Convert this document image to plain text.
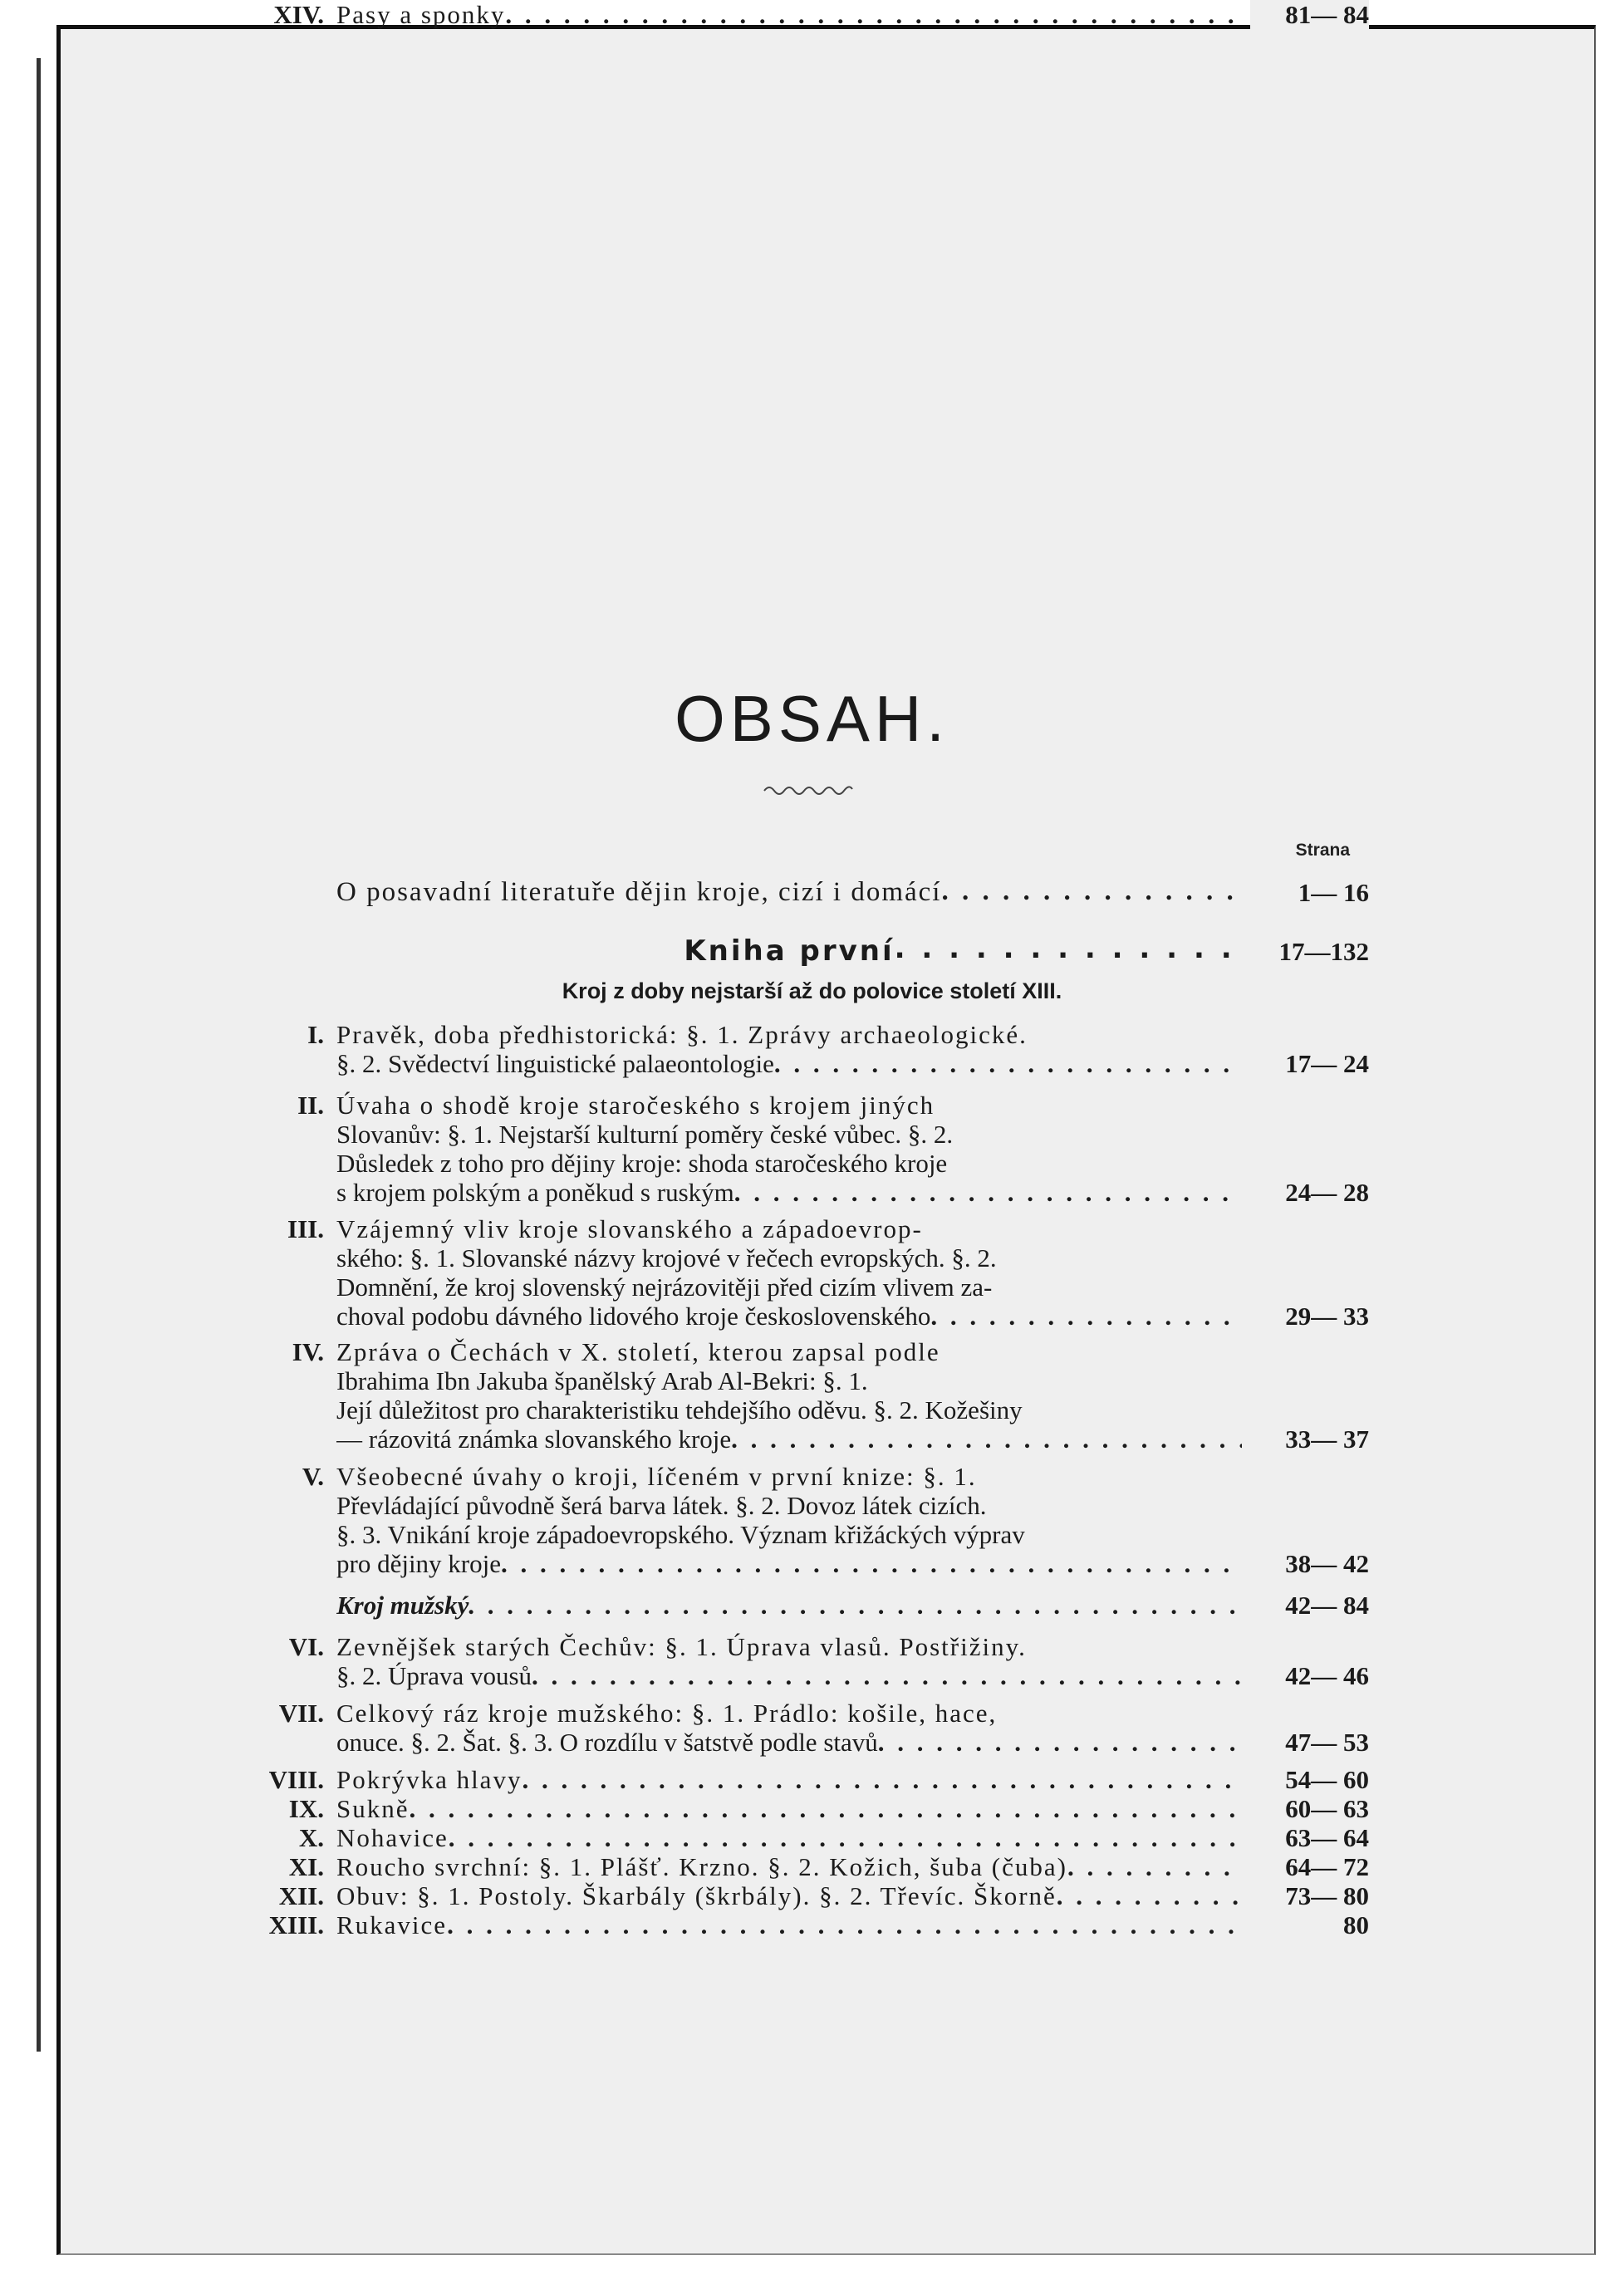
OBSAH.
Strana
O posavadní literatuře dějin kroje, cizí i domácí . . .	1— 16
Kniha první . . .	17—132
Kroj z doby nejstarší až do polovice století XIII.
I. Pravěk, doba předhistorická: §. 1. Zprávy archaeologické.
§. 2. Svědectví linguistické palaeontologie . . .	17— 24
II. Úvaha o shodě kroje staročeského s krojem jiných
Slovanův: §. 1. Nejstarší kulturní poměry české vůbec. §. 2.
Důsledek z toho pro dějiny kroje: shoda staročeského kroje
s krojem polským a poněkud s ruským . . .	24— 28
III. Vzájemný vliv kroje slovanského a západoevrop-
ského: §. 1. Slovanské názvy krojové v řečech evropských. §. 2.
Domnění, že kroj slovenský nejrázovitěji před cizím vlivem za-
choval podobu dávného lidového kroje československého . . .	29— 33
IV. Zpráva o Čechách v X. století, kterou zapsal podle
Ibrahima Ibn Jakuba španělský Arab Al-Bekri: §. 1.
Její důležitost pro charakteristiku tehdejšího oděvu. §. 2. Kožešiny
— rázovitá známka slovanského kroje . . .	33— 37
V. Všeobecné úvahy o kroji, líčeném v první knize: §. 1.
Převládající původně šerá barva látek. §. 2. Dovoz látek cizích.
§. 3. Vnikání kroje západoevropského. Význam křižáckých výprav
pro dějiny kroje . . .	38— 42
Kroj mužský . . .	42— 84
VI. Zevnějšek starých Čechův: §. 1. Úprava vlasů. Postřižiny.
§. 2. Úprava vousů . . .	42— 46
VII. Celkový ráz kroje mužského: §. 1. Prádlo: košile, hace,
onuce. §. 2. Šat. §. 3. O rozdílu v šatstvě podle stavů . . .	47— 53
VIII. Pokrývka hlavy . . .	54— 60
IX. Sukně . . .	60— 63
X. Nohavice . . .	63— 64
XI. Roucho svrchní: §. 1. Plášť. Krzno. §. 2. Kožich, šuba (čuba) . . .	64— 72
XII. Obuv: §. 1. Postoly. Škarbály (škrbály). §. 2. Třevíc. Škorně . . .	73— 80
XIII. Rukavice . . .	80
XIV. Pasy a sponky . . .	81— 84
